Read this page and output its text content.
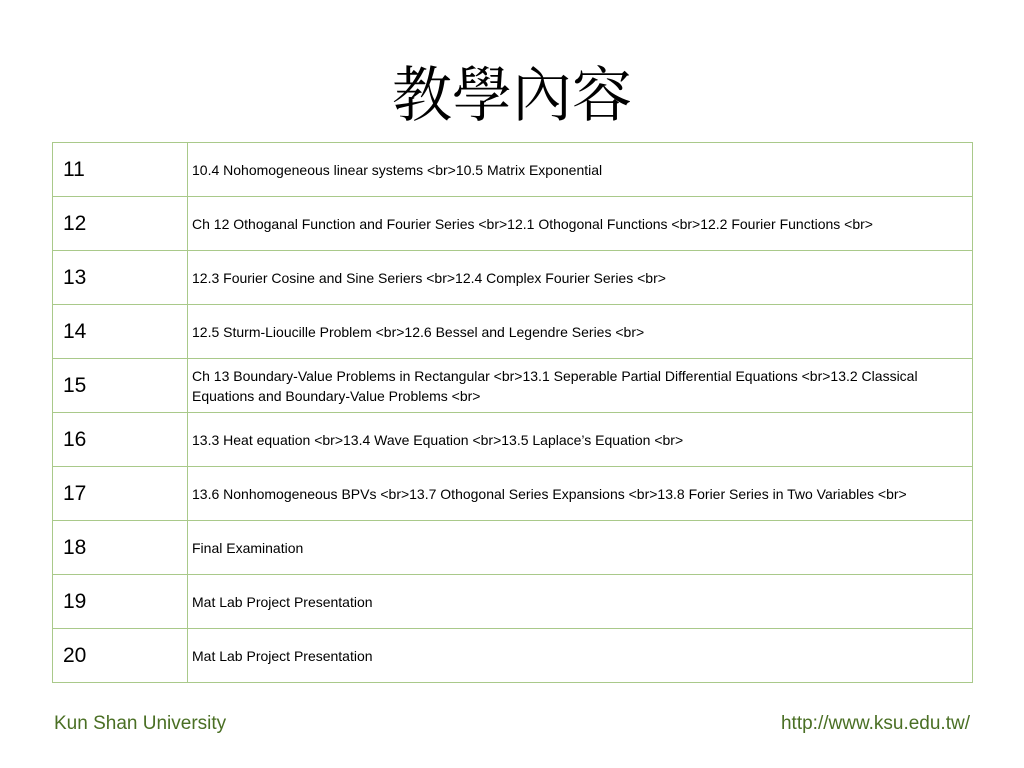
教學內容
11	10.4 Nohomogeneous linear systems <br>10.5 Matrix Exponential
12	Ch 12 Othoganal Function and Fourier Series <br>12.1 Othogonal Functions <br>12.2 Fourier Functions <br>
13	12.3 Fourier Cosine and Sine Seriers <br>12.4 Complex Fourier Series <br>
14	12.5 Sturm-Lioucille Problem <br>12.6 Bessel and Legendre Series <br>
15	Ch 13 Boundary-Value Problems in Rectangular <br>13.1 Seperable Partial Differential Equations <br>13.2 Classical Equations and Boundary-Value Problems <br>
16	13.3 Heat equation <br>13.4 Wave Equation <br>13.5 Laplace’s Equation <br>
17	13.6 Nonhomogeneous BPVs <br>13.7 Othogonal Series Expansions <br>13.8 Forier Series in Two Variables <br>
18	Final Examination
19	Mat Lab Project Presentation
20	Mat Lab Project Presentation
Kun Shan University	http://www.ksu.edu.tw/
